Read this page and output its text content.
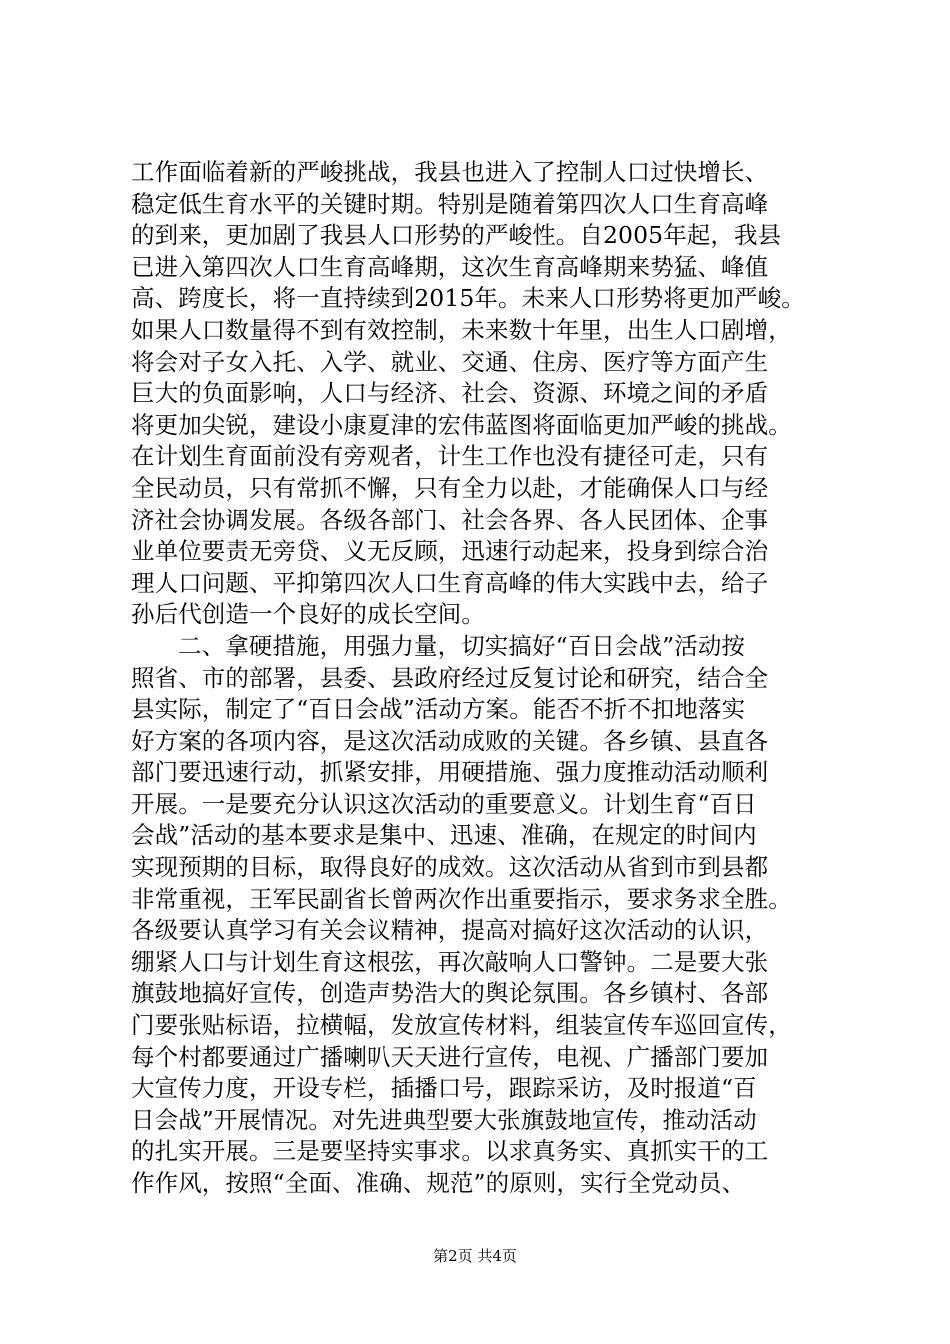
工作面临着新的严峻挑战，我县也进入了控制人口过快增长、
稳定低生育水平的关键时期。特别是随着第四次人口生育高峰
的到来，更加剧了我县人口形势的严峻性。自2005年起，我县
已进入第四次人口生育高峰期，这次生育高峰期来势猛、峰值
高、跨度长，将一直持续到2015年。未来人口形势将更加严峻。
如果人口数量得不到有效控制，未来数十年里，出生人口剧增，
将会对子女入托、入学、就业、交通、住房、医疗等方面产生
巨大的负面影响，人口与经济、社会、资源、环境之间的矛盾
将更加尖锐，建设小康夏津的宏伟蓝图将面临更加严峻的挑战。
在计划生育面前没有旁观者，计生工作也没有捷径可走，只有
全民动员，只有常抓不懈，只有全力以赴，才能确保人口与经
济社会协调发展。各级各部门、社会各界、各人民团体、企事
业单位要责无旁贷、义无反顾，迅速行动起来，投身到综合治
理人口问题、平抑第四次人口生育高峰的伟大实践中去，给子
孙后代创造一个良好的成长空间。
二、拿硬措施，用强力量，切实搞好“百日会战”活动按
照省、市的部署，县委、县政府经过反复讨论和研究，结合全
县实际，制定了“百日会战”活动方案。能否不折不扣地落实
好方案的各项内容，是这次活动成败的关键。各乡镇、县直各
部门要迅速行动，抓紧安排，用硬措施、强力度推动活动顺利
开展。一是要充分认识这次活动的重要意义。计划生育“百日
会战”活动的基本要求是集中、迅速、准确，在规定的时间内
实现预期的目标，取得良好的成效。这次活动从省到市到县都
非常重视，王军民副省长曾两次作出重要指示，要求务求全胜。
各级要认真学习有关会议精神，提高对搞好这次活动的认识，
绷紧人口与计划生育这根弦，再次敲响人口警钟。二是要大张
旗鼓地搞好宣传，创造声势浩大的舆论氛围。各乡镇村、各部
门要张贴标语，拉横幅，发放宣传材料，组装宣传车巡回宣传，
每个村都要通过广播喇叭天天进行宣传，电视、广播部门要加
大宣传力度，开设专栏，插播口号，跟踪采访，及时报道“百
日会战”开展情况。对先进典型要大张旗鼓地宣传，推动活动
的扎实开展。三是要坚持实事求。以求真务实、真抓实干的工
作作风，按照“全面、准确、规范”的原则，实行全党动员、
第2页 共4页
